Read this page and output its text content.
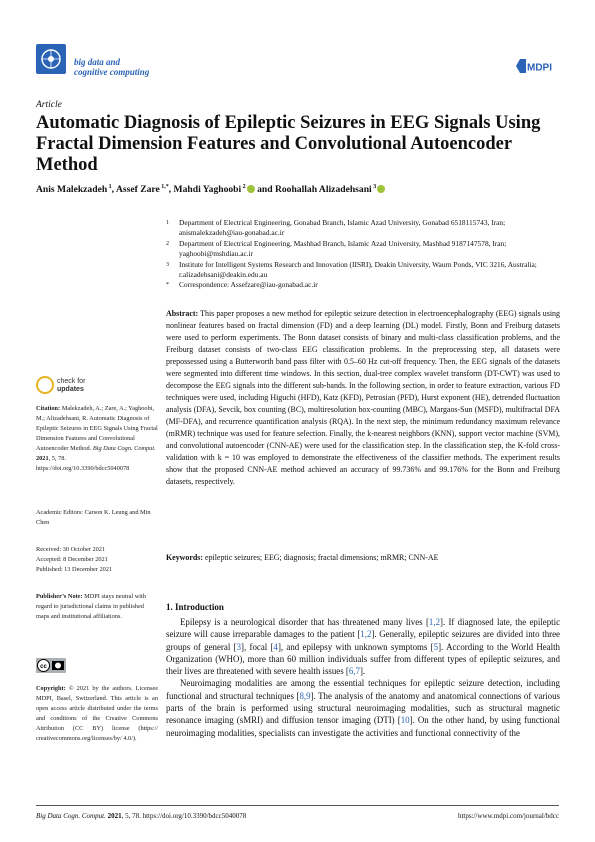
big data and
cognitive computing	MDPI
Article
Automatic Diagnosis of Epileptic Seizures in EEG Signals Using Fractal Dimension Features and Convolutional Autoencoder Method
Anis Malekzadeh $^1$, Assef Zare $^{1,*}$, Mahdi Yaghoobi $^2$ and Roohallah Alizadehsani $^3$
1	Department of Electrical Engineering, Gonabad Branch, Islamic Azad University, Gonabad 6518115743, Iran; anismalekzadeh@iau-gonabad.ac.ir
2	Department of Electrical Engineering, Mashhad Branch, Islamic Azad University, Mashhad 9187147578, Iran; yaghoobi@mshdiau.ac.ir
3	Institute for Intelligent Systems Research and Innovation (IISRI), Deakin University, Waurn Ponds, VIC 3216, Australia; r.alizadehsani@deakin.edu.au
*	Correspondence: Assefzare@iau-gonabad.ac.ir
Abstract: This paper proposes a new method for epileptic seizure detection in electroencephalography (EEG) signals using nonlinear features based on fractal dimension (FD) and a deep learning (DL) model. Firstly, Bonn and Freiburg datasets were used to perform experiments. The Bonn dataset consists of binary and multi-class classification problems, and the Freiburg dataset consists of two-class EEG classification problems. In the preprocessing step, all datasets were prepossessed using a Butterworth band pass filter with 0.5–60 Hz cut-off frequency. Then, the EEG signals of the datasets were segmented into different time windows. In this section, dual-tree complex wavelet transform (DT-CWT) was used to decompose the EEG signals into the different sub-bands. In the following section, in order to feature extraction, various FD techniques were used, including Higuchi (HFD), Katz (KFD), Petrosian (PFD), Hurst exponent (HE), detrended fluctuation analysis (DFA), Sevcik, box counting (BC), multiresolution box-counting (MBC), Margaos-Sun (MSFD), multifractal DFA (MF-DFA), and recurrence quantification analysis (RQA). In the next step, the minimum redundancy maximum relevance (mRMR) technique was used for feature selection. Finally, the k-nearest neighbors (KNN), support vector machine (SVM), and convolutional autoencoder (CNN-AE) were used for the classification step. In the classification step, the K-fold cross-validation with k = 10 was employed to demonstrate the effectiveness of the classifier methods. The experiment results show that the proposed CNN-AE method achieved an accuracy of 99.736% and 99.176% for the Bonn and Freiburg datasets, respectively.
Keywords: epileptic seizures; EEG; diagnosis; fractal dimensions; mRMR; CNN-AE
check for
updates
Citation: Malekzadeh, A.; Zare, A.; Yaghoobi, M.; Alizadehsani, R. Automatic Diagnosis of Epileptic Seizures in EEG Signals Using Fractal Dimension Features and Convolutional Autoencoder Method. Big Data Cogn. Comput. 2021, 5, 78. https://doi.org/10.3390/bdcc5040078
Academic Editors: Carson K. Leung and Min Chen
Received: 30 October 2021
Accepted: 8 December 2021
Published: 13 December 2021
Publisher’s Note: MDPI stays neutral with regard to jurisdictional claims in published maps and institutional affiliations.
cc
Copyright: © 2021 by the authors. Licensee MDPI, Basel, Switzerland. This article is an open access article distributed under the terms and conditions of the Creative Commons Attribution (CC BY) license (https:// creativecommons.org/licenses/by/ 4.0/).
1. Introduction

Epilepsy is a neurological disorder that has threatened many lives [1,2]. If diagnosed late, the epileptic seizure will cause irreparable damages to the patient [1,2]. Generally, epileptic seizures are divided into three groups of general [3], focal [4], and epilepsy with unknown symptoms [5]. According to the World Health Organization (WHO), more than 60 million individuals suffer from different types of epileptic seizures, and their lives are threatened with severe health issues [6,7].

Neuroimaging modalities are among the essential techniques for epileptic seizure detection, including functional and structural techniques [8,9]. The analysis of the anatomy and anatomical connections of various parts of the brain is performed using structural neuroimaging modalities, such as structural magnetic resonance imaging (sMRI) and diffusion tensor imaging (DTI) [10]. On the other hand, by using functional neuroimaging modalities, specialists can investigate the activities and functional connectivity of the

Big Data Cogn. Comput. 2021, 5, 78. https://doi.org/10.3390/bdcc5040078	https://www.mdpi.com/journal/bdcc
